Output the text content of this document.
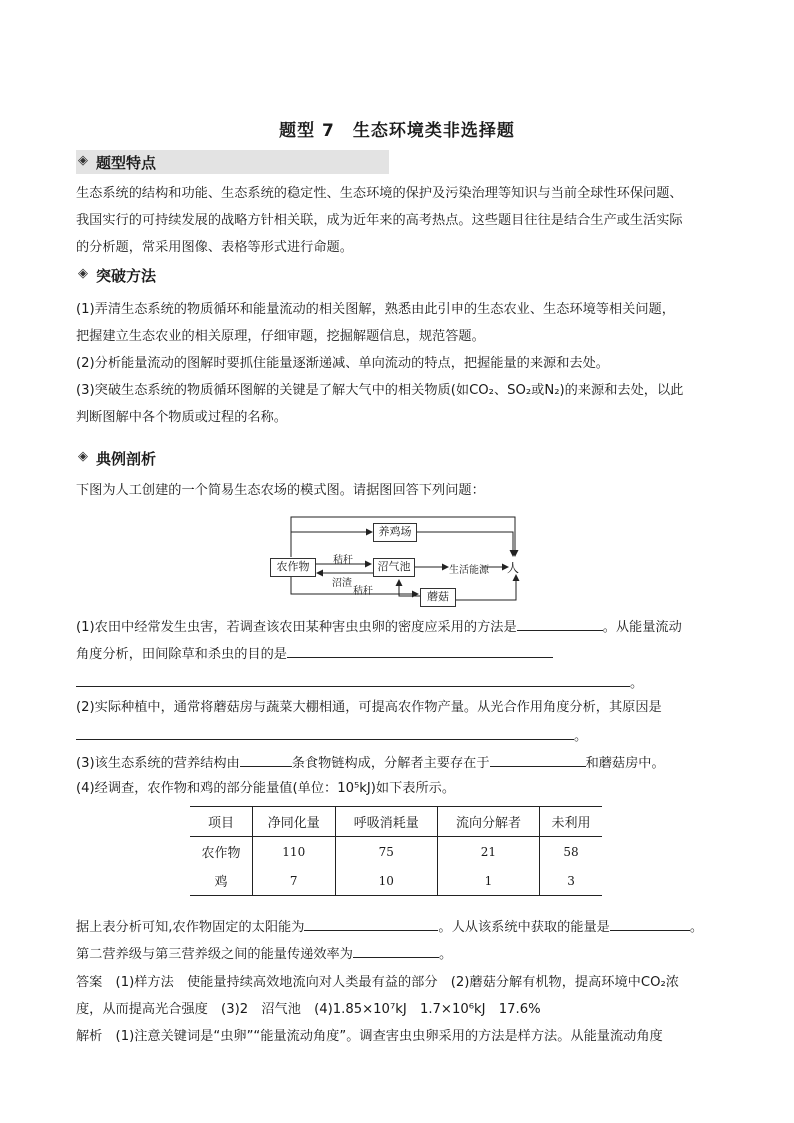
题型 7　生态环境类非选择题
◈ 题型特点
生态系统的结构和功能、生态系统的稳定性、生态环境的保护及污染治理等知识与当前全球性环保问题、
我国实行的可持续发展的战略方针相关联，成为近年来的高考热点。这些题目往往是结合生产或生活实际
的分析题，常采用图像、表格等形式进行命题。
◈ 突破方法
(1)弄清生态系统的物质循环和能量流动的相关图解，熟悉由此引申的生态农业、生态环境等相关问题，
把握建立生态农业的相关原理，仔细审题，挖掘解题信息，规范答题。
(2)分析能量流动的图解时要抓住能量逐渐递减、单向流动的特点，把握能量的来源和去处。
(3)突破生态系统的物质循环图解的关键是了解大气中的相关物质(如CO₂、SO₂或N₂)的来源和去处，以此
判断图解中各个物质或过程的名称。
◈ 典例剖析
下图为人工创建的一个简易生态农场的模式图。请据图回答下列问题：
农作物
养鸡场
沼气池
蘑菇
人
秸秆
沼渣
生活能源
秸秆
(1)农田中经常发生虫害，若调查该农田某种害虫虫卵的密度应采用的方法是	。从能量流动
角度分析，田间除草和杀虫的目的是
。
(2)实际种植中，通常将蘑菇房与蔬菜大棚相通，可提高农作物产量。从光合作用角度分析，其原因是
。
(3)该生态系统的营养结构由	条食物链构成，分解者主要存在于	和蘑菇房中。
(4)经调查，农作物和鸡的部分能量值(单位：10⁵kJ)如下表所示。
项目	净同化量	呼吸消耗量	流向分解者	未利用
农作物	110	75	21	58
鸡	7	10	1	3
据上表分析可知,农作物固定的太阳能为	。人从该系统中获取的能量是	。
第二营养级与第三营养级之间的能量传递效率为	。
答案　(1)样方法　使能量持续高效地流向对人类最有益的部分　(2)蘑菇分解有机物，提高环境中CO₂浓
度，从而提高光合强度　(3)2　沼气池　(4)1.85×10⁷kJ　1.7×10⁶kJ　17.6%
解析　(1)注意关键词是“虫卵”“能量流动角度”。调查害虫虫卵采用的方法是样方法。从能量流动角度
